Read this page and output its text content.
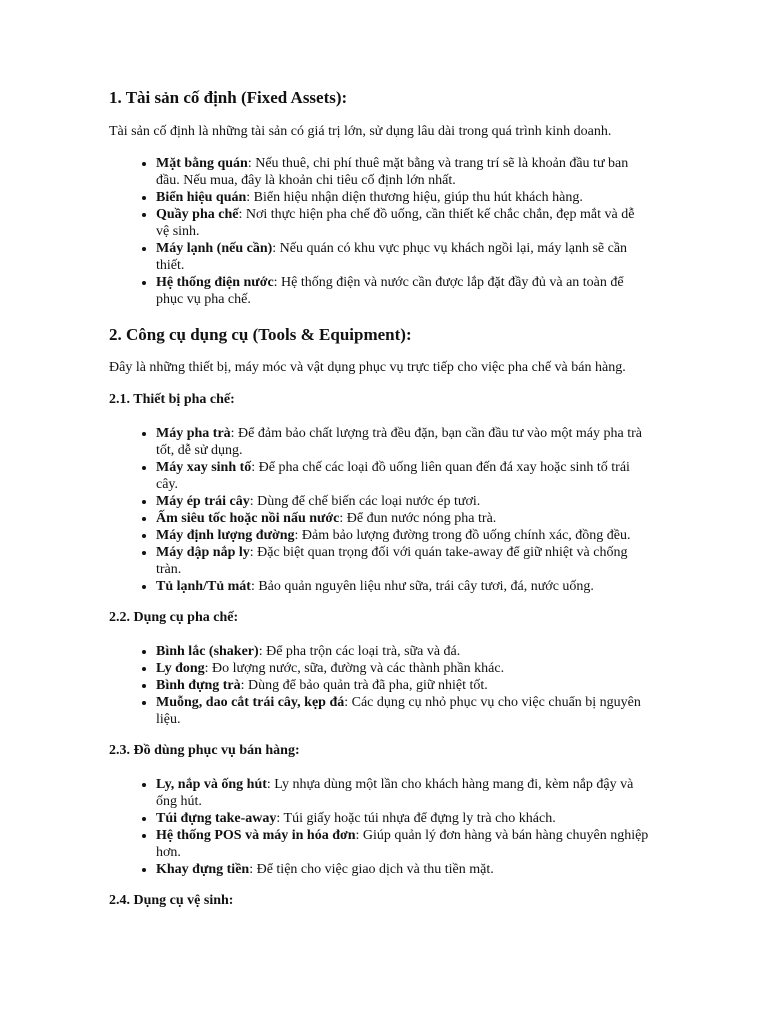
1. Tài sản cố định (Fixed Assets):

Tài sản cố định là những tài sản có giá trị lớn, sử dụng lâu dài trong quá trình kinh doanh.

• Mặt bằng quán: Nếu thuê, chi phí thuê mặt bằng và trang trí sẽ là khoản đầu tư ban đầu. Nếu mua, đây là khoản chi tiêu cố định lớn nhất.
• Biển hiệu quán: Biển hiệu nhận diện thương hiệu, giúp thu hút khách hàng.
• Quầy pha chế: Nơi thực hiện pha chế đồ uống, cần thiết kế chắc chắn, đẹp mắt và dễ vệ sinh.
• Máy lạnh (nếu cần): Nếu quán có khu vực phục vụ khách ngồi lại, máy lạnh sẽ cần thiết.
• Hệ thống điện nước: Hệ thống điện và nước cần được lắp đặt đầy đủ và an toàn để phục vụ pha chế.
2. Công cụ dụng cụ (Tools & Equipment):

Đây là những thiết bị, máy móc và vật dụng phục vụ trực tiếp cho việc pha chế và bán hàng.

2.1. Thiết bị pha chế:
• Máy pha trà: Để đảm bảo chất lượng trà đều đặn, bạn cần đầu tư vào một máy pha trà tốt, dễ sử dụng.
• Máy xay sinh tố: Để pha chế các loại đồ uống liên quan đến đá xay hoặc sinh tố trái cây.
• Máy ép trái cây: Dùng để chế biến các loại nước ép tươi.
• Ấm siêu tốc hoặc nồi nấu nước: Để đun nước nóng pha trà.
• Máy định lượng đường: Đảm bảo lượng đường trong đồ uống chính xác, đồng đều.
• Máy dập nắp ly: Đặc biệt quan trọng đối với quán take-away để giữ nhiệt và chống tràn.
• Tủ lạnh/Tủ mát: Bảo quản nguyên liệu như sữa, trái cây tươi, đá, nước uống.
2.2. Dụng cụ pha chế:
• Bình lắc (shaker): Để pha trộn các loại trà, sữa và đá.
• Ly đong: Đo lượng nước, sữa, đường và các thành phần khác.
• Bình đựng trà: Dùng để bảo quản trà đã pha, giữ nhiệt tốt.
• Muỗng, dao cắt trái cây, kẹp đá: Các dụng cụ nhỏ phục vụ cho việc chuẩn bị nguyên liệu.
2.3. Đồ dùng phục vụ bán hàng:
• Ly, nắp và ống hút: Ly nhựa dùng một lần cho khách hàng mang đi, kèm nắp đậy và ống hút.
• Túi đựng take-away: Túi giấy hoặc túi nhựa để đựng ly trà cho khách.
• Hệ thống POS và máy in hóa đơn: Giúp quản lý đơn hàng và bán hàng chuyên nghiệp hơn.
• Khay đựng tiền: Để tiện cho việc giao dịch và thu tiền mặt.
2.4. Dụng cụ vệ sinh:
